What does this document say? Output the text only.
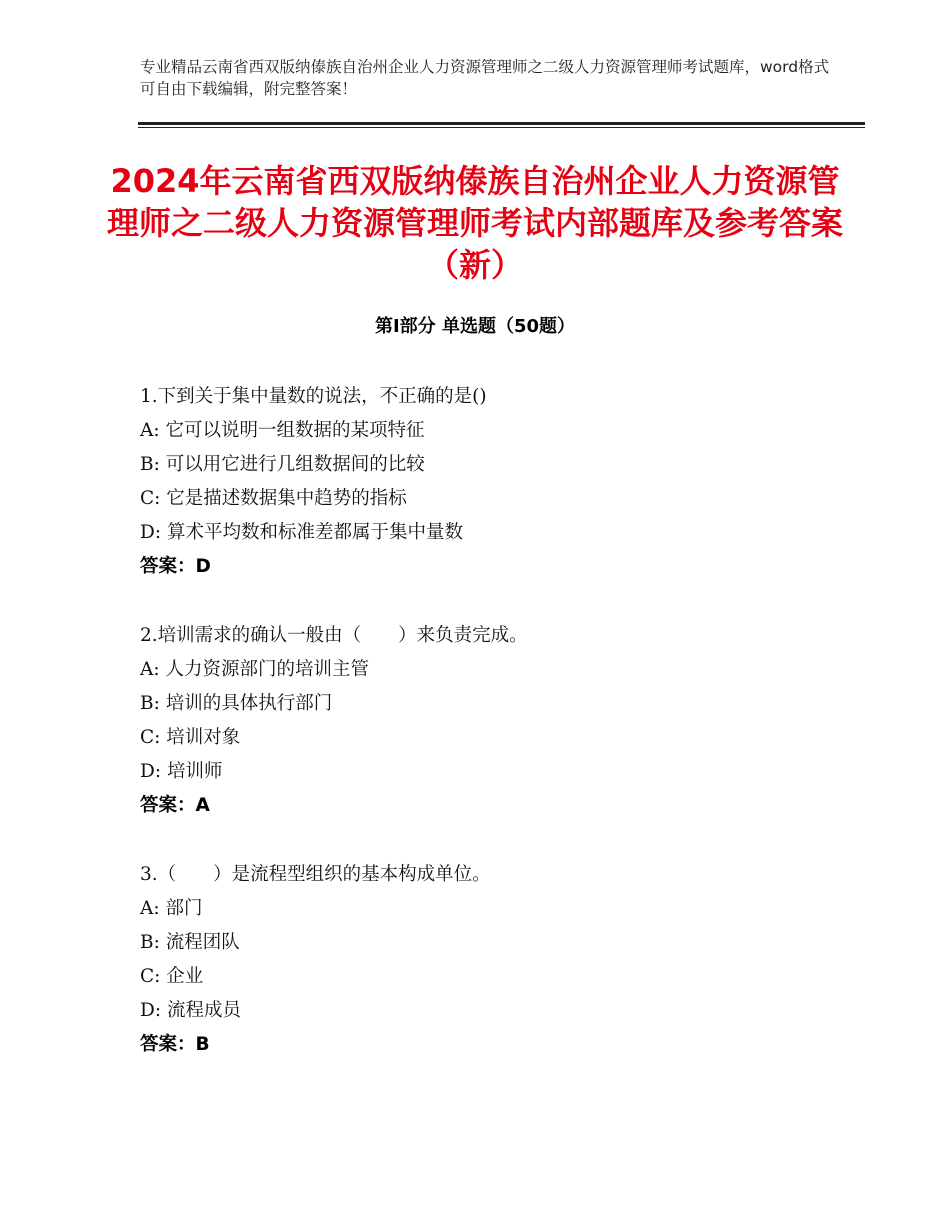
专业精品云南省西双版纳傣族自治州企业人力资源管理师之二级人力资源管理师考试题库，word格式可自由下载编辑，附完整答案！
2024年云南省西双版纳傣族自治州企业人力资源管理师之二级人力资源管理师考试内部题库及参考答案（新）
第Ⅰ部分 单选题（50题）
1.下到关于集中量数的说法，不正确的是()
A: 它可以说明一组数据的某项特征
B: 可以用它进行几组数据间的比较
C: 它是描述数据集中趋势的指标
D: 算术平均数和标准差都属于集中量数
答案：D
2.培训需求的确认一般由（　　）来负责完成。
A: 人力资源部门的培训主管
B: 培训的具体执行部门
C: 培训对象
D: 培训师
答案：A
3.（　　）是流程型组织的基本构成单位。
A: 部门
B: 流程团队
C: 企业
D: 流程成员
答案：B
